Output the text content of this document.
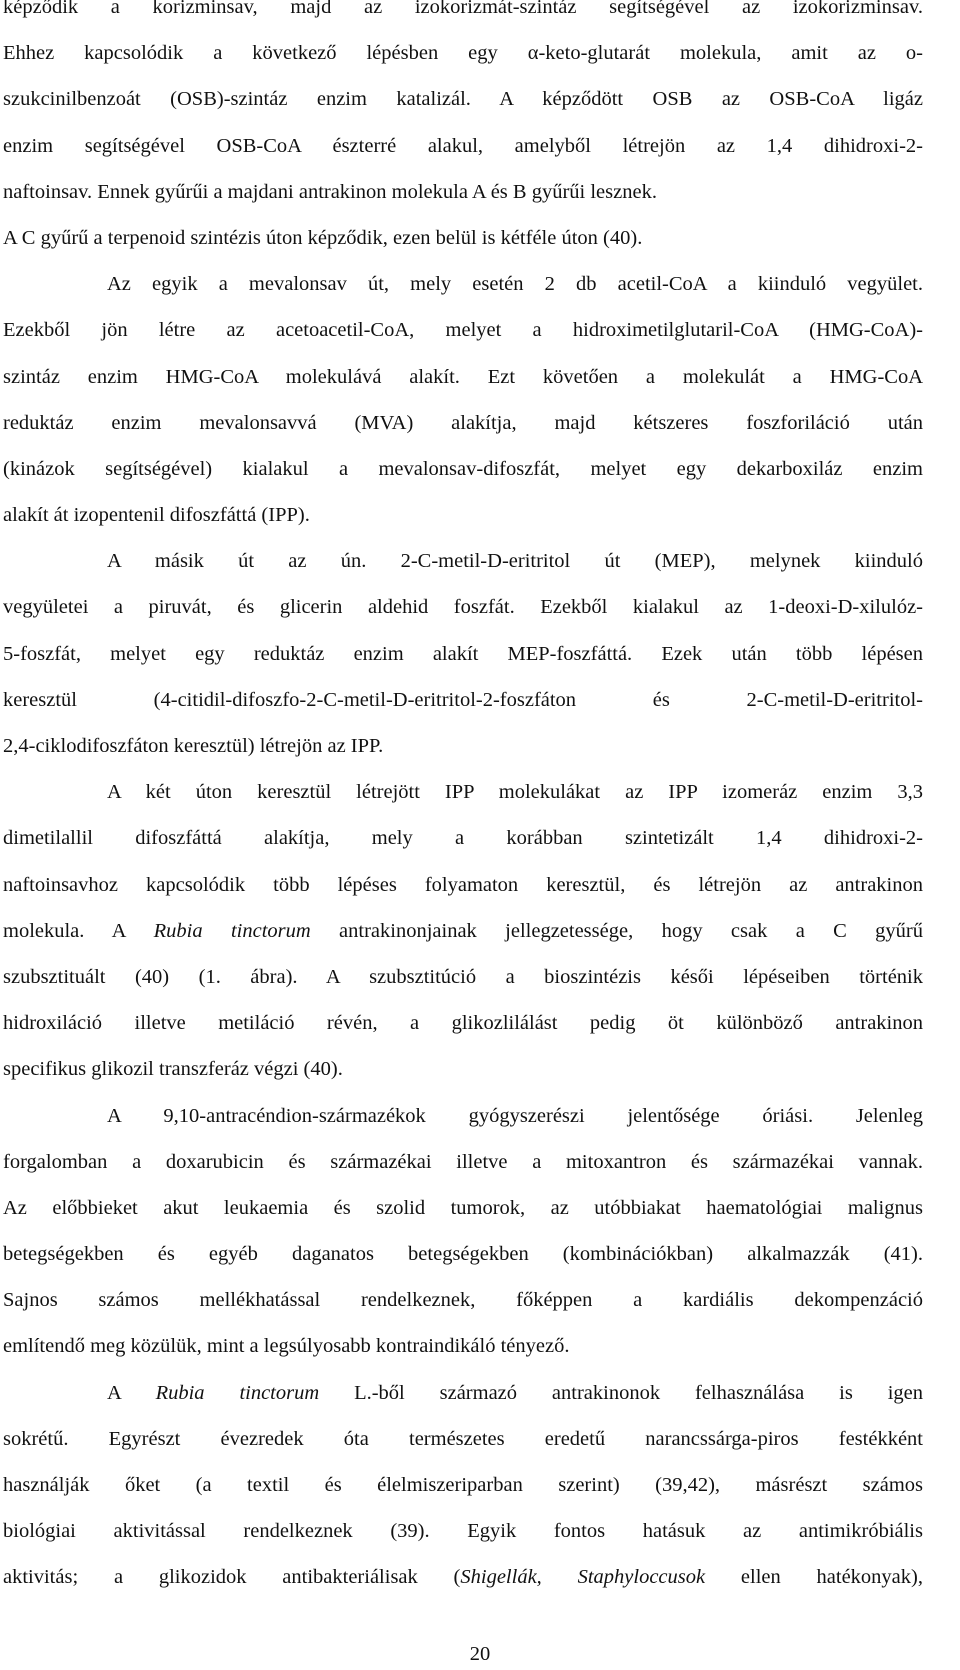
képződik a korizminsav, majd az izokorizmát-szintáz segítségével az izokorizminsav.
Ehhez kapcsolódik a következő lépésben egy α-keto-glutarát molekula, amit az o-
szukcinilbenzoát (OSB)-szintáz enzim katalizál. A képződött OSB az OSB-CoA ligáz
enzim segítségével OSB-CoA észterré alakul, amelyből létrejön az 1,4 dihidroxi-2-
naftoinsav. Ennek gyűrűi a majdani antrakinon molekula A és B gyűrűi lesznek.
A C gyűrű a terpenoid szintézis úton képződik, ezen belül is kétféle úton (40).
Az egyik a mevalonsav út, mely esetén 2 db acetil-CoA a kiinduló vegyület.
Ezekből jön létre az acetoacetil-CoA, melyet a hidroximetilglutaril-CoA (HMG-CoA)-
szintáz enzim HMG-CoA molekulává alakít. Ezt követően a molekulát a HMG-CoA
reduktáz enzim mevalonsavvá (MVA) alakítja, majd kétszeres foszforiláció után
(kinázok segítségével) kialakul a mevalonsav-difoszfát, melyet egy dekarboxiláz enzim
alakít át izopentenil difoszfáttá (IPP).
A másik út az ún. 2-C-metil-D-eritritol út (MEP), melynek kiinduló
vegyületei a piruvát, és glicerin aldehid foszfát. Ezekből kialakul az 1-deoxi-D-xilulóz-
5-foszfát, melyet egy reduktáz enzim alakít MEP-foszfáttá. Ezek után több lépésen
keresztül (4-citidil-difoszfo-2-C-metil-D-eritritol-2-foszfáton és 2-C-metil-D-eritritol-
2,4-ciklodifoszfáton keresztül) létrejön az IPP.
A két úton keresztül létrejött IPP molekulákat az IPP izomeráz enzim 3,3
dimetilallil difoszfáttá alakítja, mely a korábban szintetizált 1,4 dihidroxi-2-
naftoinsavhoz kapcsolódik több lépéses folyamaton keresztül, és létrejön az antrakinon
molekula. A Rubia tinctorum antrakinonjainak jellegzetessége, hogy csak a C gyűrű
szubsztituált (40) (1. ábra). A szubsztitúció a bioszintézis késői lépéseiben történik
hidroxiláció illetve metiláció révén, a glikozlilálást pedig öt különböző antrakinon
specifikus glikozil transzferáz végzi (40).
A 9,10-antracéndion-származékok gyógyszerészi jelentősége óriási. Jelenleg
forgalomban a doxarubicin és származékai illetve a mitoxantron és származékai vannak.
Az előbbieket akut leukaemia és szolid tumorok, az utóbbiakat haematológiai malignus
betegségekben és egyéb daganatos betegségekben (kombinációkban) alkalmazzák (41).
Sajnos számos mellékhatással rendelkeznek, főképpen a kardiális dekompenzáció
említendő meg közülük, mint a legsúlyosabb kontraindikáló tényező.
A Rubia tinctorum L.-ből származó antrakinonok felhasználása is igen
sokrétű. Egyrészt évezredek óta természetes eredetű narancssárga-piros festékként
használják őket (a textil és élelmiszeriparban szerint) (39,42), másrészt számos
biológiai aktivitással rendelkeznek (39). Egyik fontos hatásuk az antimikróbiális
aktivitás; a glikozidok antibakteriálisak (Shigellák, Staphyloccusok ellen hatékonyak),
20
